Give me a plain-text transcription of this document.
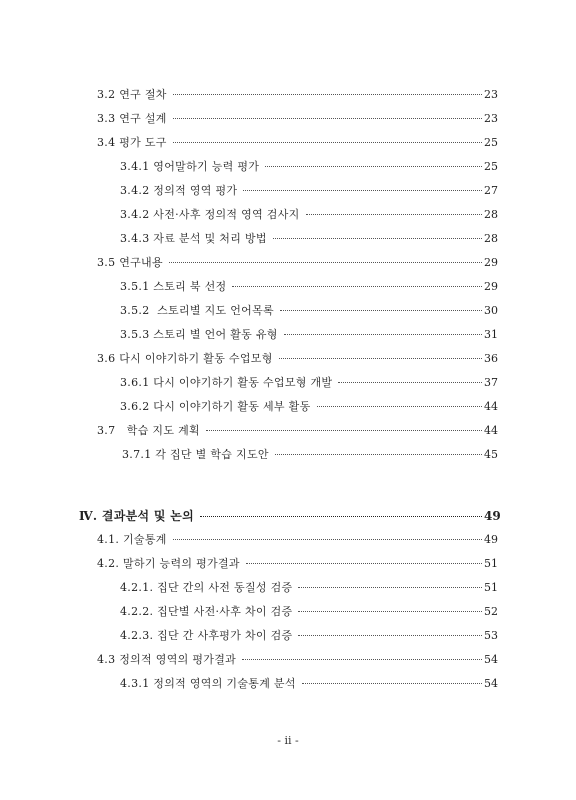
3.2 연구 절차	23
3.3 연구 설계	23
3.4 평가 도구	25
3.4.1 영어말하기 능력 평가	25
3.4.2 정의적 영역 평가	27
3.4.2 사전·사후 정의적 영역 검사지	28
3.4.3 자료 분석 및 처리 방법	28
3.5 연구내용	29
3.5.1 스토리 북 선정	29
3.5.2  스토리별 지도 언어목록	30
3.5.3 스토리 별 언어 활동 유형	31
3.6 다시 이야기하기 활동 수업모형	36
3.6.1 다시 이야기하기 활동 수업모형 개발	37
3.6.2 다시 이야기하기 활동 세부 활동	44
3.7   학습 지도 계획	44
3.7.1 각 집단 별 학습 지도안	45
Ⅳ. 결과분석 및 논의	49
4.1. 기술통계	49
4.2. 말하기 능력의 평가결과	51
4.2.1. 집단 간의 사전 동질성 검증	51
4.2.2. 집단별 사전·사후 차이 검증	52
4.2.3. 집단 간 사후평가 차이 검증	53
4.3 정의적 영역의 평가결과	54
4.3.1 정의적 영역의 기술통계 분석	54
- ii -
